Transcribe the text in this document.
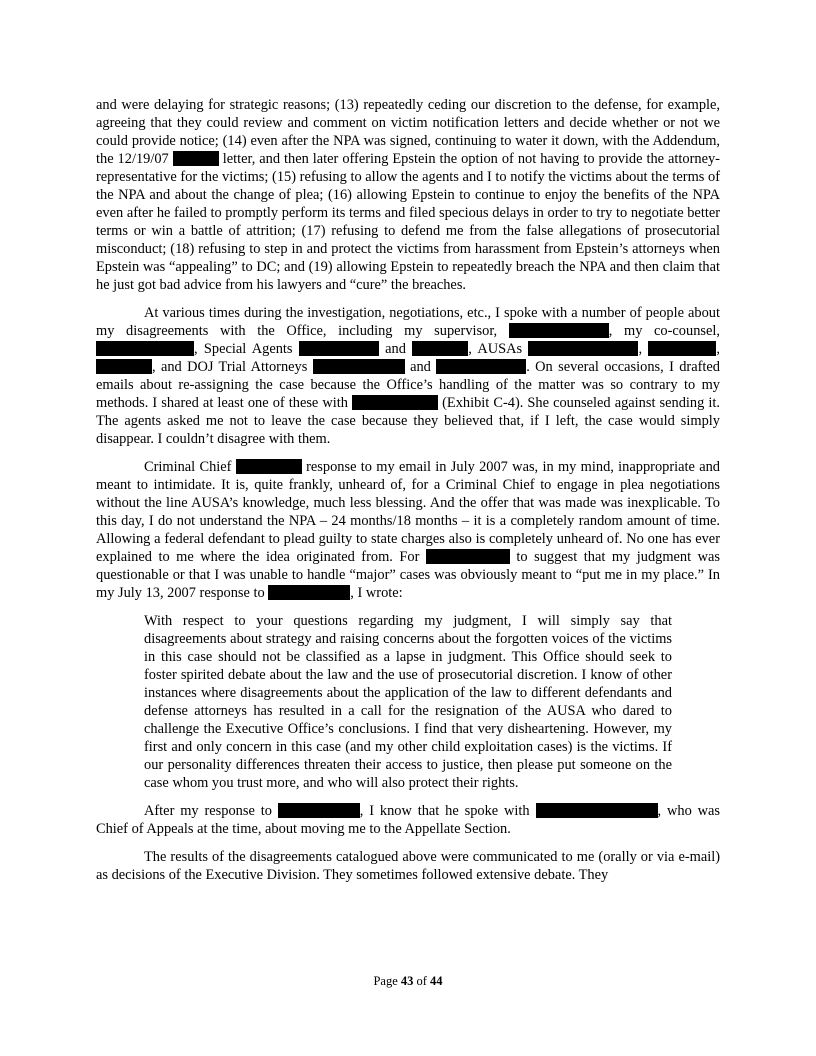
and were delaying for strategic reasons; (13) repeatedly ceding our discretion to the defense, for example, agreeing that they could review and comment on victim notification letters and decide whether or not we could provide notice; (14) even after the NPA was signed, continuing to water it down, with the Addendum, the 12/19/07	letter, and then later offering Epstein the option of not having to provide the attorney-representative for the victims; (15) refusing to allow the agents and I to notify the victims about the terms of the NPA and about the change of plea; (16) allowing Epstein to continue to enjoy the benefits of the NPA even after he failed to promptly perform its terms and filed specious delays in order to try to negotiate better terms or win a battle of attrition; (17) refusing to defend me from the false allegations of prosecutorial misconduct; (18) refusing to step in and protect the victims from harassment from Epstein’s attorneys when Epstein was “appealing” to DC; and (19) allowing Epstein to repeatedly breach the NPA and then claim that he just got bad advice from his lawyers and “cure” the breaches.

At various times during the investigation, negotiations, etc., I spoke with a number of people about my disagreements with the Office, including my supervisor,	, my co-counsel, , Special Agents	and	, AUSAs	,	, , and DOJ Trial Attorneys	and	. On several occasions, I drafted emails about re-assigning the case because the Office’s handling of the matter was so contrary to my methods. I shared at least one of these with	(Exhibit C-4). She counseled against sending it. The agents asked me not to leave the case because they believed that, if I left, the case would simply disappear. I couldn’t disagree with them.

Criminal Chief	response to my email in July 2007 was, in my mind, inappropriate and meant to intimidate. It is, quite frankly, unheard of, for a Criminal Chief to engage in plea negotiations without the line AUSA’s knowledge, much less blessing. And the offer that was made was inexplicable. To this day, I do not understand the NPA – 24 months/18 months – it is a completely random amount of time. Allowing a federal defendant to plead guilty to state charges also is completely unheard of. No one has ever explained to me where the idea originated from. For	to suggest that my judgment was questionable or that I was unable to handle “major” cases was obviously meant to “put me in my place.” In my July 13, 2007 response to	, I wrote:

With respect to your questions regarding my judgment, I will simply say that disagreements about strategy and raising concerns about the forgotten voices of the victims in this case should not be classified as a lapse in judgment. This Office should seek to foster spirited debate about the law and the use of prosecutorial discretion. I know of other instances where disagreements about the application of the law to different defendants and defense attorneys has resulted in a call for the resignation of the AUSA who dared to challenge the Executive Office’s conclusions. I find that very disheartening. However, my first and only concern in this case (and my other child exploitation cases) is the victims. If our personality differences threaten their access to justice, then please put someone on the case whom you trust more, and who will also protect their rights.

After my response to	, I know that he spoke with	, who was Chief of Appeals at the time, about moving me to the Appellate Section.

The results of the disagreements catalogued above were communicated to me (orally or via e-mail) as decisions of the Executive Division. They sometimes followed extensive debate. They

Page 43 of 44
